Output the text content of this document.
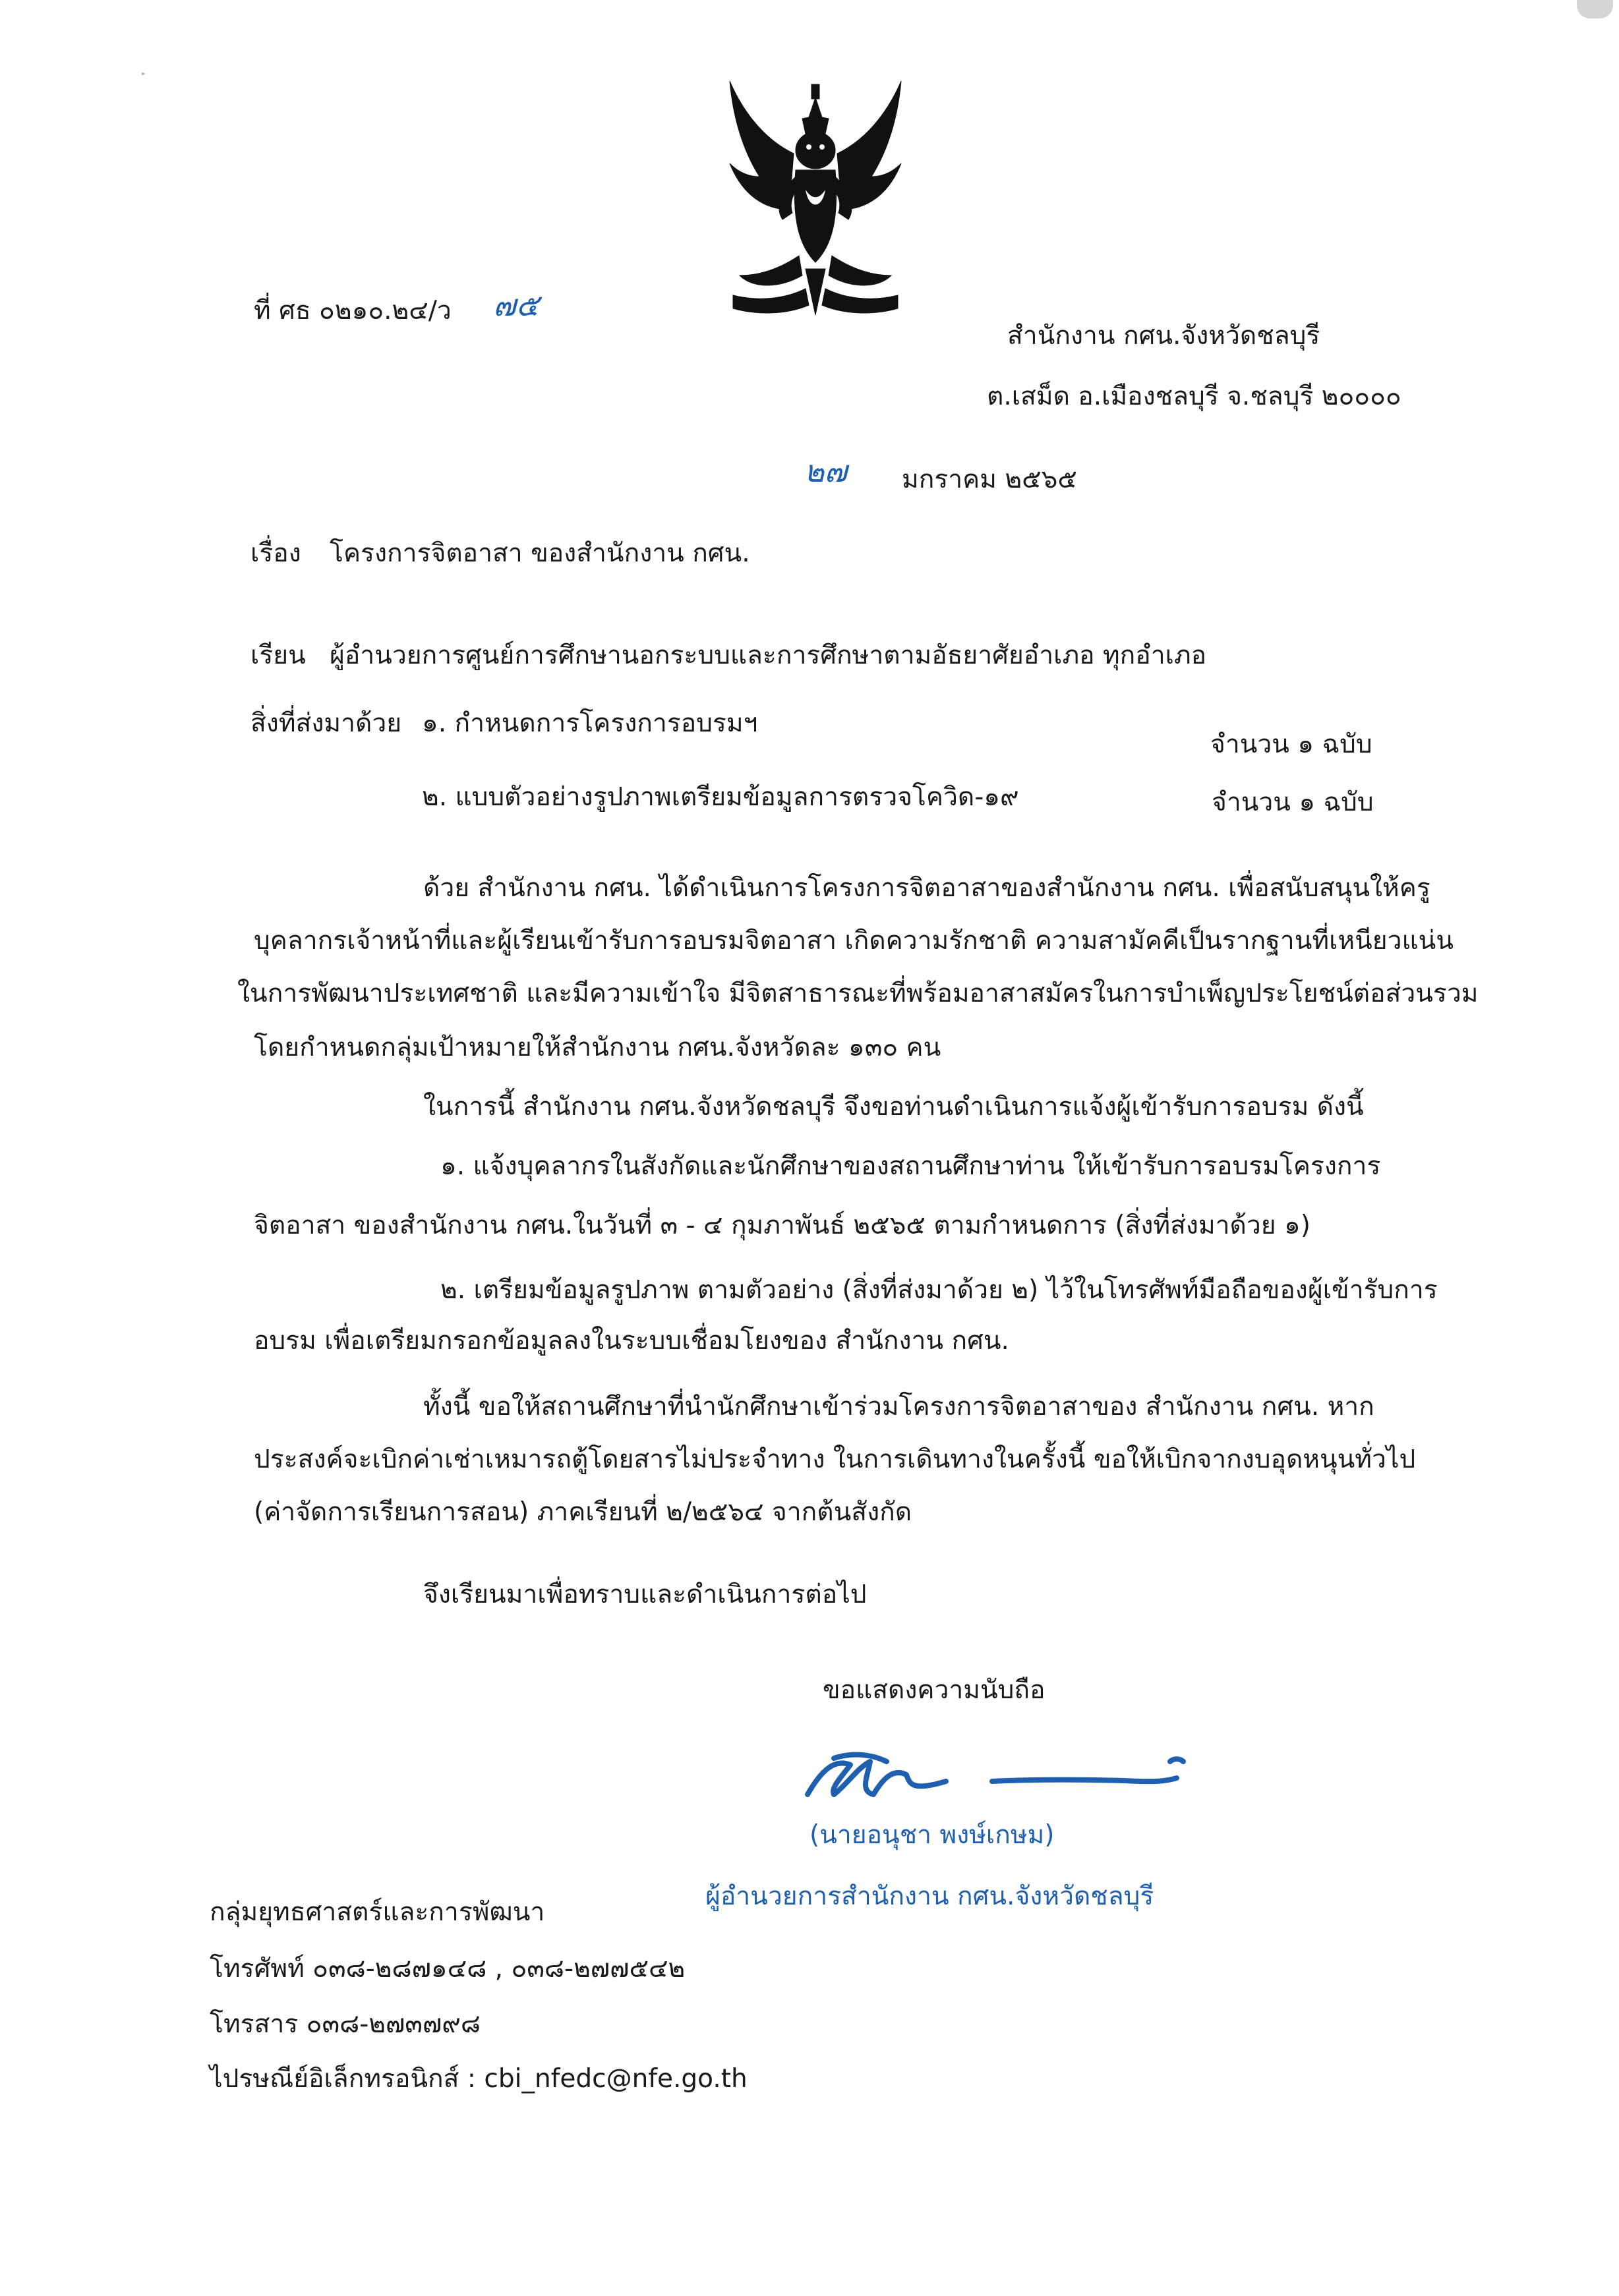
ที่ ศธ ๐๒๑๐.๒๔/ว ๗๕
สำนักงาน กศน.จังหวัดชลบุรี
ต.เสม็ด อ.เมืองชลบุรี จ.ชลบุรี ๒๐๐๐๐
๒๗ มกราคม ๒๕๖๕
เรื่อง โครงการจิตอาสา ของสำนักงาน กศน.
เรียน ผู้อำนวยการศูนย์การศึกษานอกระบบและการศึกษาตามอัธยาศัยอำเภอ ทุกอำเภอ
สิ่งที่ส่งมาด้วย ๑. กำหนดการโครงการอบรมฯ
จำนวน ๑ ฉบับ
๒. แบบตัวอย่างรูปภาพเตรียมข้อมูลการตรวจโควิด-๑๙	จำนวน ๑ ฉบับ
ด้วย สำนักงาน กศน. ได้ดำเนินการโครงการจิตอาสาของสำนักงาน กศน. เพื่อสนับสนุนให้ครู
บุคลากรเจ้าหน้าที่และผู้เรียนเข้ารับการอบรมจิตอาสา เกิดความรักชาติ ความสามัคคีเป็นรากฐานที่เหนียวแน่น
ในการพัฒนาประเทศชาติ และมีความเข้าใจ มีจิตสาธารณะที่พร้อมอาสาสมัครในการบำเพ็ญประโยชน์ต่อส่วนรวม
โดยกำหนดกลุ่มเป้าหมายให้สำนักงาน กศน.จังหวัดละ ๑๓๐ คน
ในการนี้ สำนักงาน กศน.จังหวัดชลบุรี จึงขอท่านดำเนินการแจ้งผู้เข้ารับการอบรม ดังนี้
๑. แจ้งบุคลากรในสังกัดและนักศึกษาของสถานศึกษาท่าน ให้เข้ารับการอบรมโครงการ
จิตอาสา ของสำนักงาน กศน.ในวันที่ ๓ - ๔ กุมภาพันธ์ ๒๕๖๕ ตามกำหนดการ (สิ่งที่ส่งมาด้วย ๑)
๒. เตรียมข้อมูลรูปภาพ ตามตัวอย่าง (สิ่งที่ส่งมาด้วย ๒) ไว้ในโทรศัพท์มือถือของผู้เข้ารับการ
อบรม เพื่อเตรียมกรอกข้อมูลลงในระบบเชื่อมโยงของ สำนักงาน กศน.
ทั้งนี้ ขอให้สถานศึกษาที่นำนักศึกษาเข้าร่วมโครงการจิตอาสาของ สำนักงาน กศน. หาก
ประสงค์จะเบิกค่าเช่าเหมารถตู้โดยสารไม่ประจำทาง ในการเดินทางในครั้งนี้ ขอให้เบิกจากงบอุดหนุนทั่วไป
(ค่าจัดการเรียนการสอน) ภาคเรียนที่ ๒/๒๕๖๔ จากต้นสังกัด
จึงเรียนมาเพื่อทราบและดำเนินการต่อไป
ขอแสดงความนับถือ
(นายอนุชา พงษ์เกษม)
ผู้อำนวยการสำนักงาน กศน.จังหวัดชลบุรี
กลุ่มยุทธศาสตร์และการพัฒนา
โทรศัพท์ ๐๓๘-๒๘๗๑๔๘ , ๐๓๘-๒๗๗๕๔๒
โทรสาร ๐๓๘-๒๗๓๗๙๘
ไปรษณีย์อิเล็กทรอนิกส์ : cbi_nfedc@nfe.go.th
